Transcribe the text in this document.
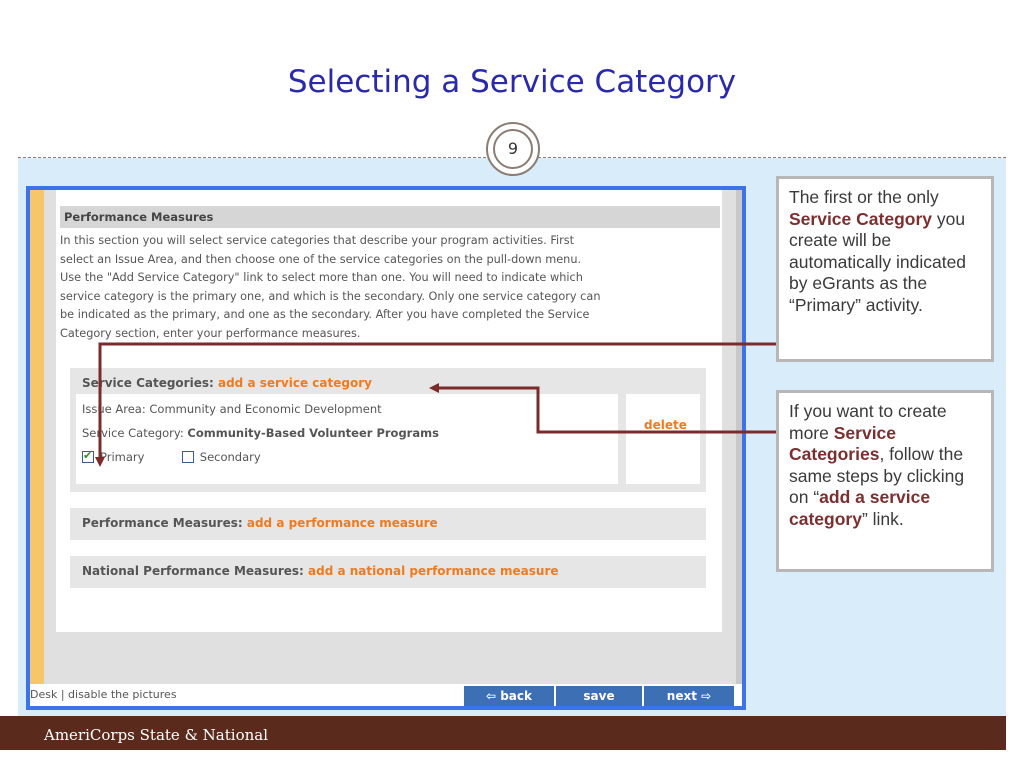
Selecting a Service Category
9
Performance Measures
In this section you will select service categories that describe your program activities. First
select an Issue Area, and then choose one of the service categories on the pull-down menu.
Use the "Add Service Category" link to select more than one. You will need to indicate which
service category is the primary one, and which is the secondary. Only one service category can
be indicated as the primary, and one as the secondary. After you have completed the Service
Category section, enter your performance measures.
Service Categories: add a service category
Issue Area: Community and Economic Development
Service Category: Community-Based Volunteer Programs
✔Primary	Secondary
delete
Performance Measures: add a performance measure
National Performance Measures: add a national performance measure
Desk | disable the pictures	⇦ back	save	next ⇨
The first or the only Service Category you create will be automatically indicated by eGrants as the “Primary” activity.
If you want to create more Service Categories, follow the same steps by clicking on “add a service category” link.
AmeriCorps State & National
